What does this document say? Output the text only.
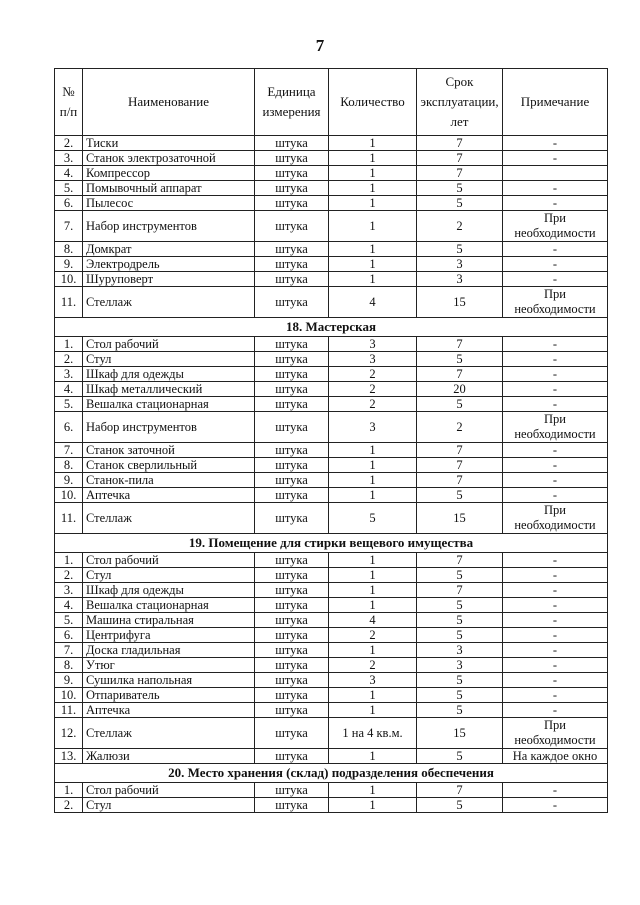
7
№ п/п	Наименование	Единица измерения	Количество	Срок эксплуатации, лет	Примечание
2.	Тиски	штука	1	7	-
3.	Станок электрозаточной	штука	1	7	-
4.	Компрессор	штука	1	7	
5.	Помывочный аппарат	штука	1	5	-
6.	Пылесос	штука	1	5	-
7.	Набор инструментов	штука	1	2	При необходимости
8.	Домкрат	штука	1	5	-
9.	Электродрель	штука	1	3	-
10.	Шуруповерт	штука	1	3	-
11.	Стеллаж	штука	4	15	При необходимости
18. Мастерская					
1.	Стол рабочий	штука	3	7	-
2.	Стул	штука	3	5	-
3.	Шкаф для одежды	штука	2	7	-
4.	Шкаф металлический	штука	2	20	-
5.	Вешалка стационарная	штука	2	5	-
6.	Набор инструментов	штука	3	2	При необходимости
7.	Станок заточной	штука	1	7	-
8.	Станок сверлильный	штука	1	7	-
9.	Станок-пила	штука	1	7	-
10.	Аптечка	штука	1	5	-
11.	Стеллаж	штука	5	15	При необходимости
19. Помещение для стирки вещевого имущества					
1.	Стол рабочий	штука	1	7	-
2.	Стул	штука	1	5	-
3.	Шкаф для одежды	штука	1	7	-
4.	Вешалка стационарная	штука	1	5	-
5.	Машина стиральная	штука	4	5	-
6.	Центрифуга	штука	2	5	-
7.	Доска гладильная	штука	1	3	-
8.	Утюг	штука	2	3	-
9.	Сушилка напольная	штука	3	5	-
10.	Отпариватель	штука	1	5	-
11.	Аптечка	штука	1	5	-
12.	Стеллаж	штука	1 на 4 кв.м.	15	При необходимости
13.	Жалюзи	штука	1	5	На каждое окно
20. Место хранения (склад) подразделения обеспечения					
1.	Стол рабочий	штука	1	7	-
2.	Стул	штука	1	5	-
